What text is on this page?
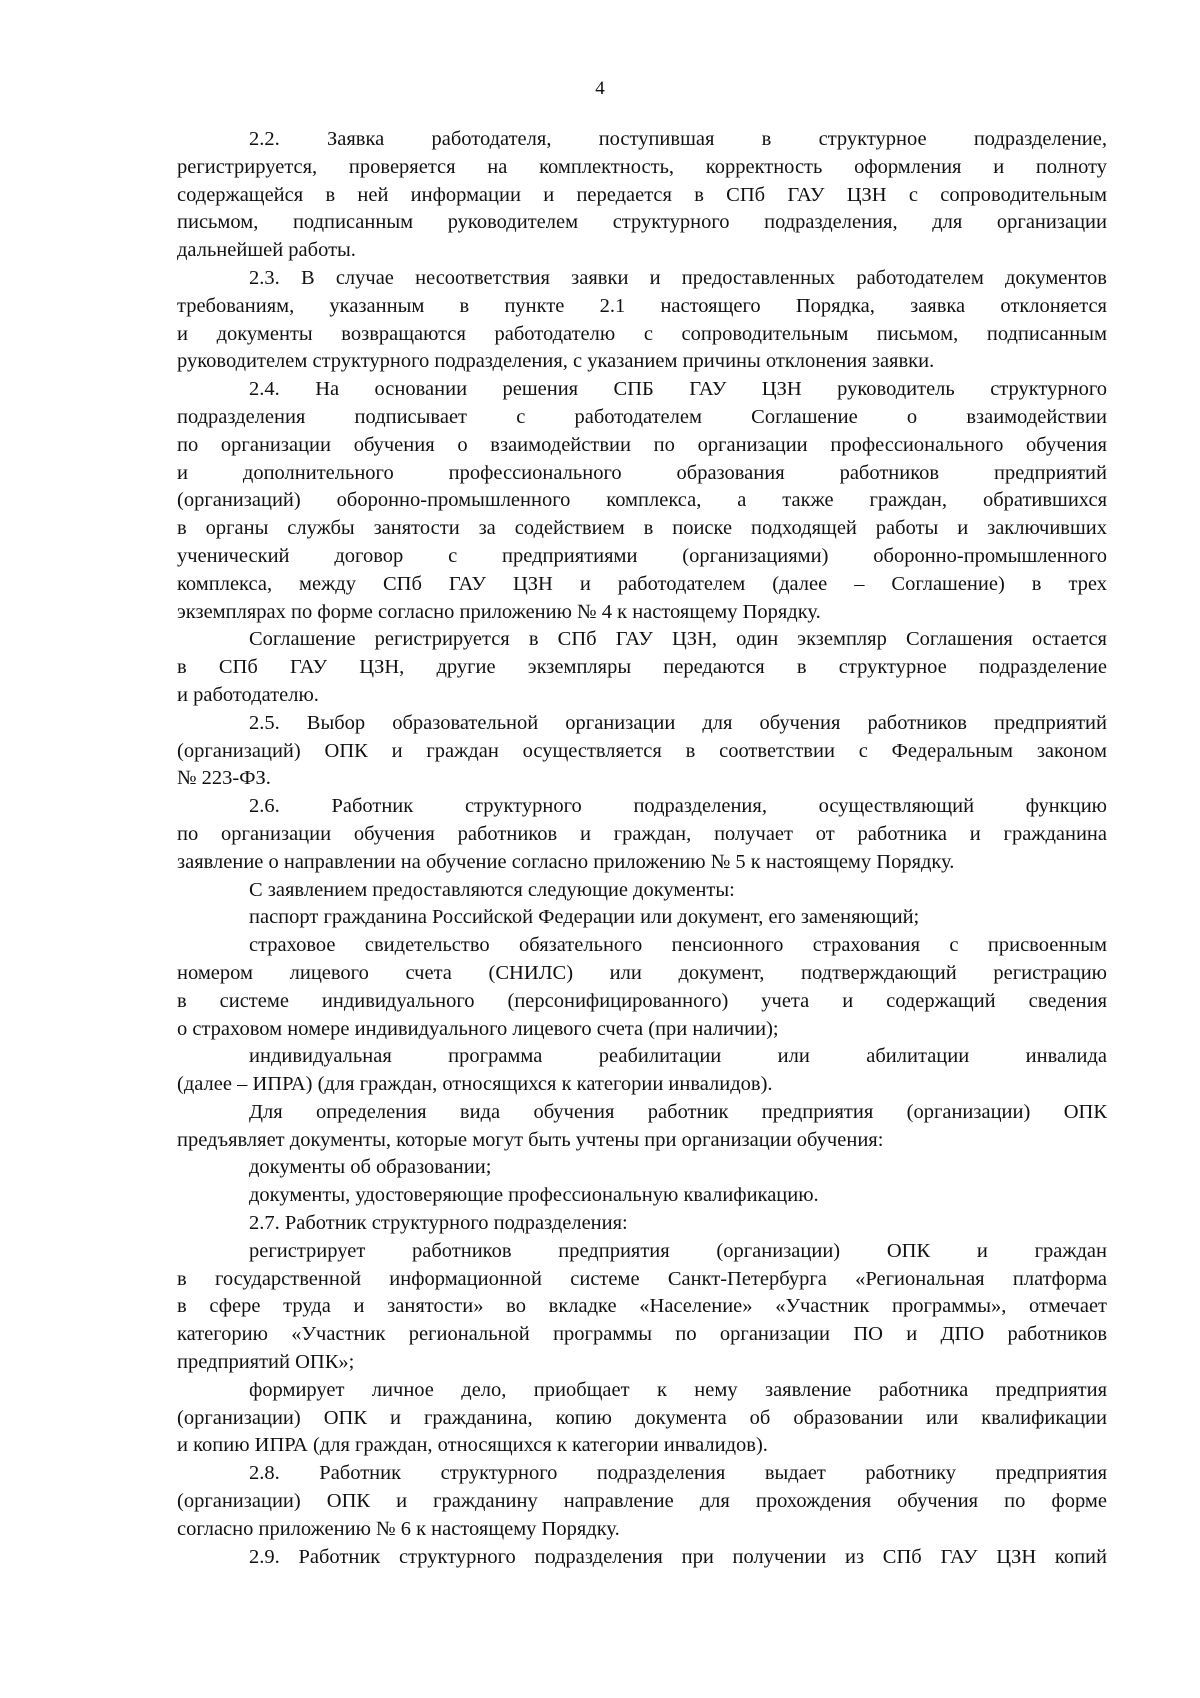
4
2.2. Заявка работодателя, поступившая в структурное подразделение,
регистрируется, проверяется на комплектность, корректность оформления и полноту
содержащейся в ней информации и передается в СПб ГАУ ЦЗН с сопроводительным
письмом, подписанным руководителем структурного подразделения, для организации
дальнейшей работы.
2.3. В случае несоответствия заявки и предоставленных работодателем документов
требованиям, указанным в пункте 2.1 настоящего Порядка, заявка отклоняется
и документы возвращаются работодателю с сопроводительным письмом, подписанным
руководителем структурного подразделения, с указанием причины отклонения заявки.
2.4. На основании решения СПБ ГАУ ЦЗН руководитель структурного
подразделения подписывает с работодателем Соглашение о взаимодействии
по организации обучения о взаимодействии по организации профессионального обучения
и дополнительного профессионального образования работников предприятий
(организаций) оборонно-промышленного комплекса, а также граждан, обратившихся
в органы службы занятости за содействием в поиске подходящей работы и заключивших
ученический договор с предприятиями (организациями) оборонно-промышленного
комплекса, между СПб ГАУ ЦЗН и работодателем (далее – Соглашение) в трех
экземплярах по форме согласно приложению № 4 к настоящему Порядку.
Соглашение регистрируется в СПб ГАУ ЦЗН, один экземпляр Соглашения остается
в СПб ГАУ ЦЗН, другие экземпляры передаются в структурное подразделение
и работодателю.
2.5. Выбор образовательной организации для обучения работников предприятий
(организаций) ОПК и граждан осуществляется в соответствии с Федеральным законом
№ 223-ФЗ.
2.6. Работник структурного подразделения, осуществляющий функцию
по организации обучения работников и граждан, получает от работника и гражданина
заявление о направлении на обучение согласно приложению № 5 к настоящему Порядку.
С заявлением предоставляются следующие документы:
паспорт гражданина Российской Федерации или документ, его заменяющий;
страховое свидетельство обязательного пенсионного страхования с присвоенным
номером лицевого счета (СНИЛС) или документ, подтверждающий регистрацию
в системе индивидуального (персонифицированного) учета и содержащий сведения
о страховом номере индивидуального лицевого счета (при наличии);
индивидуальная программа реабилитации или абилитации инвалида
(далее – ИПРА) (для граждан, относящихся к категории инвалидов).
Для определения вида обучения работник предприятия (организации) ОПК
предъявляет документы, которые могут быть учтены при организации обучения:
документы об образовании;
документы, удостоверяющие профессиональную квалификацию.
2.7. Работник структурного подразделения:
регистрирует работников предприятия (организации) ОПК и граждан
в государственной информационной системе Санкт-Петербурга «Региональная платформа
в сфере труда и занятости» во вкладке «Население» «Участник программы», отмечает
категорию «Участник региональной программы по организации ПО и ДПО работников
предприятий ОПК»;
формирует личное дело, приобщает к нему заявление работника предприятия
(организации) ОПК и гражданина, копию документа об образовании или квалификации
и копию ИПРА (для граждан, относящихся к категории инвалидов).
2.8. Работник структурного подразделения выдает работнику предприятия
(организации) ОПК и гражданину направление для прохождения обучения по форме
согласно приложению № 6 к настоящему Порядку.
2.9. Работник структурного подразделения при получении из СПб ГАУ ЦЗН копий
